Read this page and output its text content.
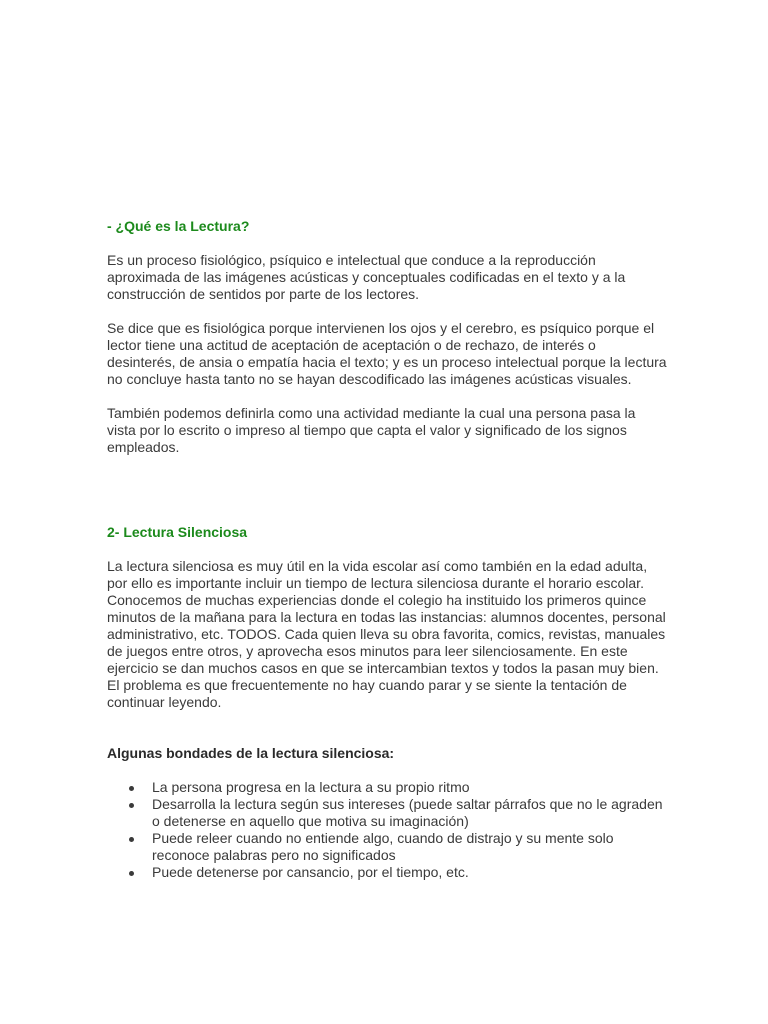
- ¿Qué es la Lectura?

Es un proceso fisiológico, psíquico e intelectual que conduce a la reproducción aproximada de las imágenes acústicas y conceptuales codificadas en el texto y a la construcción de sentidos por parte de los lectores.

Se dice que es fisiológica porque intervienen los ojos y el cerebro, es psíquico porque el lector tiene una actitud de aceptación de aceptación o de rechazo, de interés o desinterés, de ansia o empatía hacia el texto; y es un proceso intelectual porque la lectura no concluye hasta tanto no se hayan descodificado las imágenes acústicas visuales.

También podemos definirla como una actividad mediante la cual una persona pasa la vista por lo escrito o impreso al tiempo que capta el valor y significado de los signos empleados.

2- Lectura Silenciosa

La lectura silenciosa es muy útil en la vida escolar así como también en la edad adulta, por ello es importante incluir un tiempo de lectura silenciosa durante el horario escolar. Conocemos de muchas experiencias donde el colegio ha instituido los primeros quince minutos de la mañana para la lectura en todas las instancias: alumnos docentes, personal administrativo, etc. TODOS. Cada quien lleva su obra favorita, comics, revistas, manuales de juegos entre otros, y aprovecha esos minutos para leer silenciosamente. En este ejercicio se dan muchos casos en que se intercambian textos y todos la pasan muy bien. El problema es que frecuentemente no hay cuando parar y se siente la tentación de continuar leyendo.

Algunas bondades de la lectura silenciosa:

La persona progresa en la lectura a su propio ritmo
Desarrolla la lectura según sus intereses (puede saltar párrafos que no le agraden o detenerse en aquello que motiva su imaginación)
Puede releer cuando no entiende algo, cuando de distrajo y su mente solo reconoce palabras pero no significados
Puede detenerse por cansancio, por el tiempo, etc.
